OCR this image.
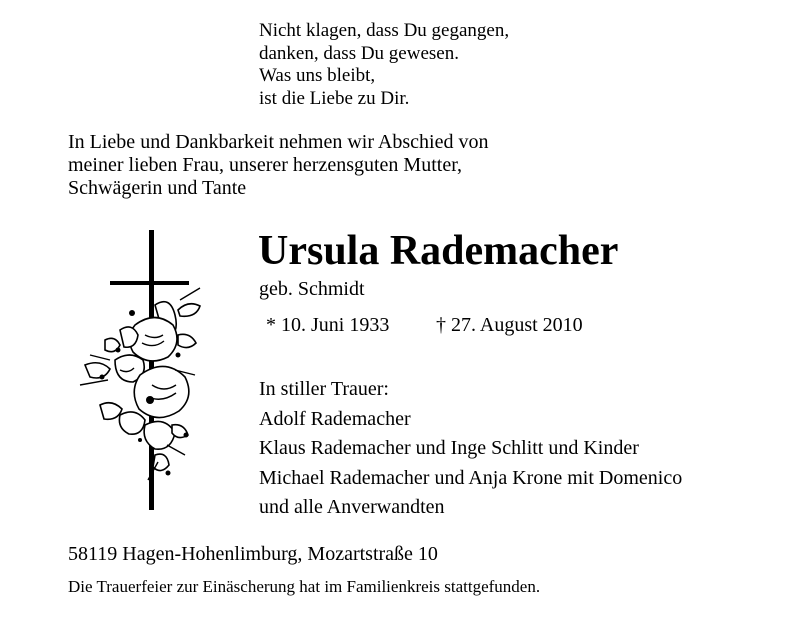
Nicht klagen, dass Du gegangen,
danken, dass Du gewesen.
Was uns bleibt,
ist die Liebe zu Dir.
In Liebe und Dankbarkeit nehmen wir Abschied von
meiner lieben Frau, unserer herzensguten Mutter,
Schwägerin und Tante
Ursula Rademacher
geb. Schmidt
* 10. Juni 1933 † 27. August 2010
In stiller Trauer:
Adolf Rademacher
Klaus Rademacher und Inge Schlitt und Kinder
Michael Rademacher und Anja Krone mit Domenico
und alle Anverwandten
58119 Hagen-Hohenlimburg, Mozartstraße 10
Die Trauerfeier zur Einäscherung hat im Familienkreis stattgefunden.
